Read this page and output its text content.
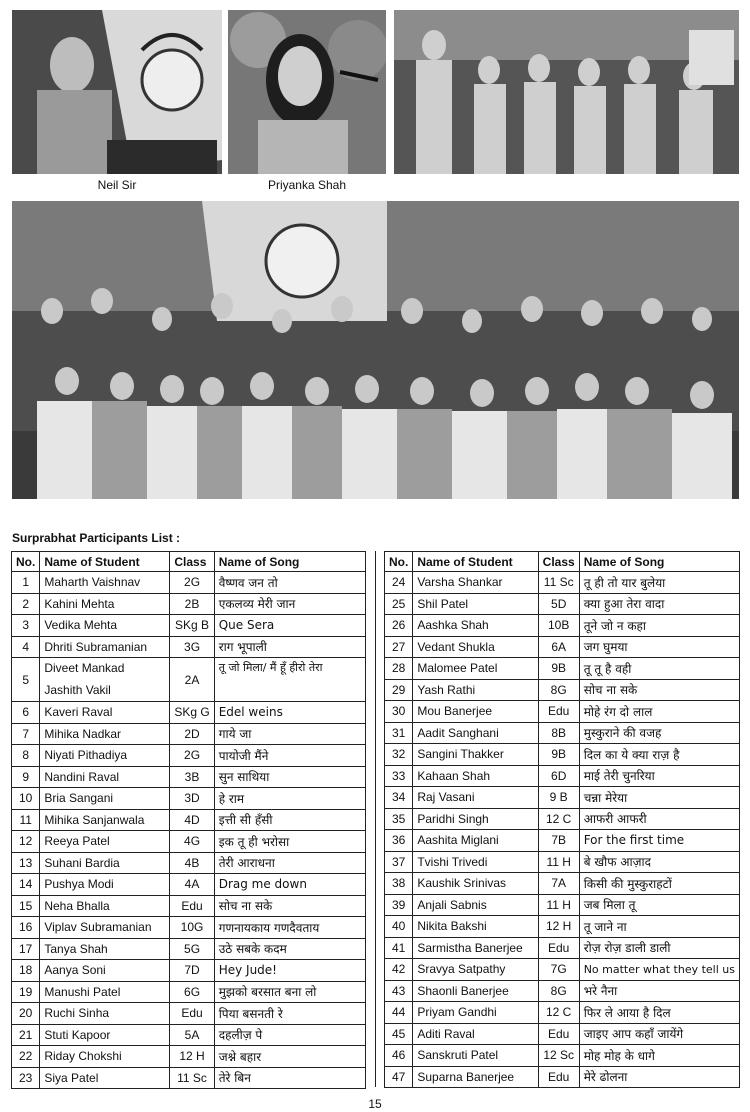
Neil Sir	Priyanka Shah
Surprabhat Participants List :
No.	Name of Student	Class	Name of Song
1	Maharth Vaishnav	2G	वैष्णव जन तो
2	Kahini Mehta	2B	एकलव्य मेरी जान
3	Vedika Mehta	SKg B	Que Sera
4	Dhriti Subramanian	3G	राग भूपाली
5	Diveet Mankad
Jashith Vakil	2A	तू जो मिला/ मैं हूँ हीरो तेरा
6	Kaveri Raval	SKg G	Edel weins
7	Mihika Nadkar	2D	गाये जा
8	Niyati Pithadiya	2G	पायोजी मैंने
9	Nandini Raval	3B	सुन साथिया
10	Bria Sangani	3D	हे राम
11	Mihika Sanjanwala	4D	इत्ती सी हँसी
12	Reeya Patel	4G	इक तू ही भरोसा
13	Suhani Bardia	4B	तेरी आराधना
14	Pushya Modi	4A	Drag me down
15	Neha Bhalla	Edu	सोच ना सके
16	Viplav Subramanian	10G	गणनायकाय गणदैवताय
17	Tanya Shah	5G	उठे सबके कदम
18	Aanya Soni	7D	Hey Jude!
19	Manushi Patel	6G	मुझको बरसात बना लो
20	Ruchi Sinha	Edu	पिया बसनती रे
21	Stuti Kapoor	5A	दहलीज़ पे
22	Riday Chokshi	12 H	जश्ने बहार
23	Siya Patel	11 Sc	तेरे बिन
No.	Name of Student	Class	Name of Song
24	Varsha Shankar	11 Sc	तू ही तो यार बुलेया
25	Shil Patel	5D	क्या हुआ तेरा वादा
26	Aashka Shah	10B	तूने जो न कहा
27	Vedant Shukla	6A	जग घुमया
28	Malomee Patel	9B	तू तू है वही
29	Yash Rathi	8G	सोच ना सके
30	Mou Banerjee	Edu	मोहे रंग दो लाल
31	Aadit Sanghani	8B	मुस्कुराने की वजह
32	Sangini Thakker	9B	दिल का ये क्या राज़ है
33	Kahaan Shah	6D	माई तेरी चुनरिया
34	Raj Vasani	9 B	चन्ना मेरेया
35	Paridhi Singh	12 C	आफरी आफरी
36	Aashita Miglani	7B	For the first time
37	Tvishi Trivedi	11 H	बे खौफ आज़ाद
38	Kaushik Srinivas	7A	किसी की मुस्कुराहटों
39	Anjali Sabnis	11 H	जब मिला तू
40	Nikita Bakshi	12 H	तू जाने ना
41	Sarmistha Banerjee	Edu	रोज़ रोज़ डाली डाली
42	Sravya Satpathy	7G	No matter what they tell us
43	Shaonli Banerjee	8G	भरे नैना
44	Priyam Gandhi	12 C	फिर ले आया है दिल
45	Aditi Raval	Edu	जाइए आप कहाँ जायेंगे
46	Sanskruti Patel	12 Sc	मोह मोह के धागे
47	Suparna Banerjee	Edu	मेरे ढोलना
15
